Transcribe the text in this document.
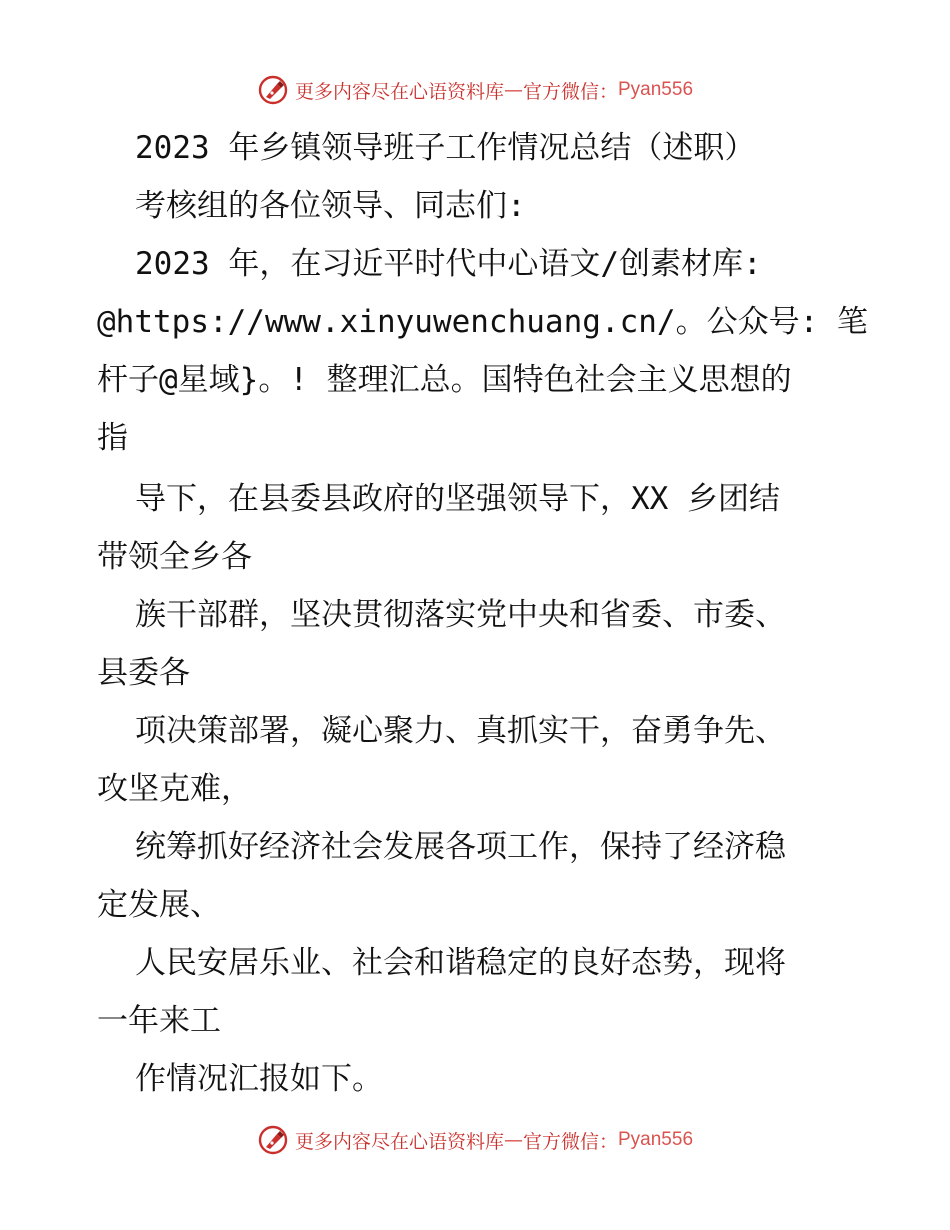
更多内容尽在心语资料库 — 官方微信： Pyan556
2023 年乡镇领导班子工作情况总结（述职）
考核组的各位领导、同志们:
2023 年，在习近平时代中心语文/创素材库:
@https://www.xinyuwenchuang.cn/。公众号: 笔
杆子@星域}。! 整理汇总。国特色社会主义思想的
指
导下，在县委县政府的坚强领导下，XX 乡团结
带领全乡各
族干部群，坚决贯彻落实党中央和省委、市委、
县委各
项决策部署，凝心聚力、真抓实干，奋勇争先、
攻坚克难，
统筹抓好经济社会发展各项工作，保持了经济稳
定发展、
人民安居乐业、社会和谐稳定的良好态势，现将
一年来工
作情况汇报如下。
更多内容尽在心语资料库 — 官方微信： Pyan556
